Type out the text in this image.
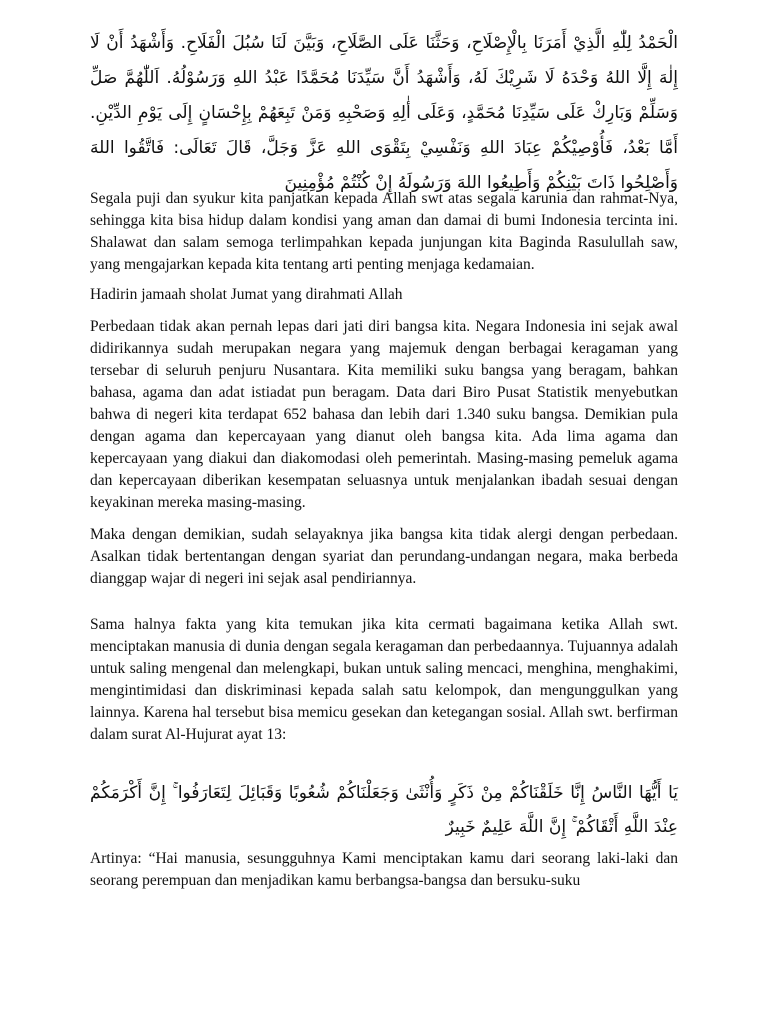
الْحَمْدُ لِلّٰهِ الَّذِيْ أَمَرَنَا بِالْإِصْلَاحِ، وَحَثَّنَا عَلَى الصَّلَاحِ، وَبَيَّنَ لَنَا سُبُلَ الْفَلَاحِ. وَأَشْهَدُ أَنْ لَا إِلٰهَ إِلَّا اللهُ وَحْدَهُ لَا شَرِيْكَ لَهُ، وَأَشْهَدُ أَنَّ سَيِّدَنَا مُحَمَّدًا عَبْدُ اللهِ وَرَسُوْلُهُ. اَللّٰهُمَّ صَلِّ وَسَلِّمْ وَبَارِكْ عَلَى سَيِّدِنَا مُحَمَّدٍ، وَعَلَى أٰلِهِ وَصَحْبِهِ وَمَنْ تَبِعَهُمْ بِإِحْسَانٍ إِلَى يَوْمِ الدِّيْنِ. أَمَّا بَعْدُ، فَأُوْصِيْكُمْ عِبَادَ اللهِ وَنَفْسِيْ بِتَقْوَى اللهِ عَزَّ وَجَلَّ، قَالَ تَعَالَى: فَاتَّقُوا اللهَ وَأَصْلِحُوا ذَاتَ بَيْنِكُمْ وَأَطِيعُوا اللهَ وَرَسُولَهُ إِنْ كُنْتُمْ مُؤْمِنِينَ

Segala puji dan syukur kita panjatkan kepada Allah swt atas segala karunia dan rahmat-Nya, sehingga kita bisa hidup dalam kondisi yang aman dan damai di bumi Indonesia tercinta ini. Shalawat dan salam semoga terlimpahkan kepada junjungan kita Baginda Rasulullah saw, yang mengajarkan kepada kita tentang arti penting menjaga kedamaian.

Hadirin jamaah sholat Jumat yang dirahmati Allah

Perbedaan tidak akan pernah lepas dari jati diri bangsa kita. Negara Indonesia ini sejak awal didirikannya sudah merupakan negara yang majemuk dengan berbagai keragaman yang tersebar di seluruh penjuru Nusantara. Kita memiliki suku bangsa yang beragam, bahkan bahasa, agama dan adat istiadat pun beragam. Data dari Biro Pusat Statistik menyebutkan bahwa di negeri kita terdapat 652 bahasa dan lebih dari 1.340 suku bangsa. Demikian pula dengan agama dan kepercayaan yang dianut oleh bangsa kita. Ada lima agama dan kepercayaan yang diakui dan diakomodasi oleh pemerintah. Masing-masing pemeluk agama dan kepercayaan diberikan kesempatan seluasnya untuk menjalankan ibadah sesuai dengan keyakinan mereka masing-masing.

Maka dengan demikian, sudah selayaknya jika bangsa kita tidak alergi dengan perbedaan. Asalkan tidak bertentangan dengan syariat dan perundang-undangan negara, maka berbeda dianggap wajar di negeri ini sejak asal pendiriannya.

Sama halnya fakta yang kita temukan jika kita cermati bagaimana ketika Allah swt. menciptakan manusia di dunia dengan segala keragaman dan perbedaannya. Tujuannya adalah untuk saling mengenal dan melengkapi, bukan untuk saling mencaci, menghina, menghakimi, mengintimidasi dan diskriminasi kepada salah satu kelompok, dan mengunggulkan yang lainnya. Karena hal tersebut bisa memicu gesekan dan ketegangan sosial. Allah swt. berfirman dalam surat Al-Hujurat ayat 13:

يَا أَيُّهَا النَّاسُ إِنَّا خَلَقْنَاكُمْ مِنْ ذَكَرٍ وَأُنْثَىٰ وَجَعَلْنَاكُمْ شُعُوبًا وَقَبَائِلَ لِتَعَارَفُوا ۚ إِنَّ أَكْرَمَكُمْ عِنْدَ اللَّهِ أَتْقَاكُمْ ۚ إِنَّ اللَّهَ عَلِيمٌ خَبِيرٌ

Artinya: “Hai manusia, sesungguhnya Kami menciptakan kamu dari seorang laki-laki dan seorang perempuan dan menjadikan kamu berbangsa-bangsa dan bersuku-suku
